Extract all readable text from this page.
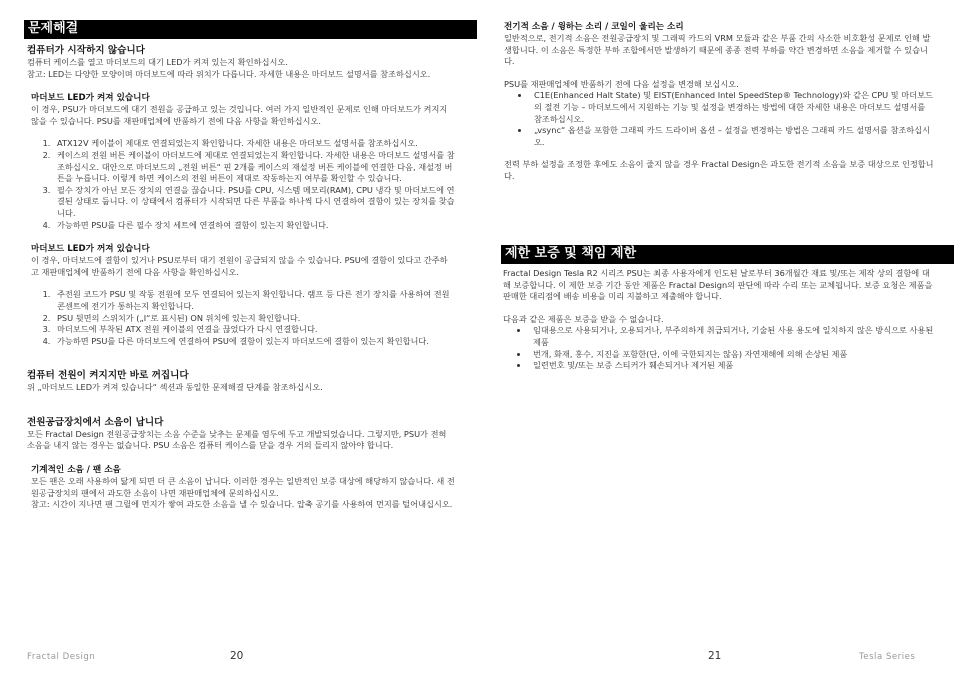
문제해결
컴퓨터가 시작하지 않습니다

컴퓨터 케이스를 열고 마더보드의 대기 LED가 켜져 있는지 확인하십시오.

참고: LED는 다양한 모양이며 마더보드에 따라 위치가 다릅니다. 자세한 내용은 마더보드 설명서를 참조하십시오.

마더보드 LED가 켜져 있습니다

이 경우, PSU가 마더보드에 대기 전원을 공급하고 있는 것입니다. 여러 가지 일반적인 문제로 인해 마더보드가 켜지지 않을 수 있습니다. PSU를 재판매업체에 반품하기 전에 다음 사항을 확인하십시오.

1. ATX12V 케이블이 제대로 연결되었는지 확인합니다. 자세한 내용은 마더보드 설명서를 참조하십시오.
2. 케이스의 전원 버튼 케이블이 마더보드에 제대로 연결되었는지 확인합니다. 자세한 내용은 마더보드 설명서를 참조하십시오. 대안으로 마더보드의 „전원 버튼“ 핀 2개를 케이스의 재설정 버튼 케이블에 연결한 다음, 재설정 버튼을 누릅니다. 이렇게 하면 케이스의 전원 버튼이 제대로 작동하는지 여부를 확인할 수 있습니다.
3. 필수 장치가 아닌 모든 장치의 연결을 끊습니다. PSU를 CPU, 시스템 메모리(RAM), CPU 냉각 및 마더보드에 연결된 상태로 둡니다. 이 상태에서 컴퓨터가 시작되면 다른 부품을 하나씩 다시 연결하여 결함이 있는 장치를 찾습니다.
4. 가능하면 PSU를 다른 필수 장치 세트에 연결하여 결함이 있는지 확인합니다.
마더보드 LED가 꺼져 있습니다

이 경우, 마더보드에 결함이 있거나 PSU로부터 대기 전원이 공급되지 않을 수 있습니다. PSU에 결함이 있다고 간주하고 재판매업체에 반품하기 전에 다음 사항을 확인하십시오.

1. 주전원 코드가 PSU 및 작동 전원에 모두 연결되어 있는지 확인합니다. 램프 등 다른 전기 장치를 사용하여 전원 콘센트에 전기가 통하는지 확인합니다.
2. PSU 뒷면의 스위치가 („I“로 표시된) ON 위치에 있는지 확인합니다.
3. 마더보드에 부착된 ATX 전원 케이블의 연결을 끊었다가 다시 연결합니다.
4. 가능하면 PSU를 다른 마더보드에 연결하여 PSU에 결함이 있는지 마더보드에 결함이 있는지 확인합니다.
컴퓨터 전원이 켜지지만 바로 꺼집니다

위 „마더보드 LED가 켜져 있습니다“ 섹션과 동일한 문제해결 단계를 참조하십시오.

전원공급장치에서 소음이 납니다

모든 Fractal Design 전원공급장치는 소음 수준을 낮추는 문제를 염두에 두고 개발되었습니다. 그렇지만, PSU가 전혀 소음을 내지 않는 경우는 없습니다. PSU 소음은 컴퓨터 케이스를 닫을 경우 거의 들리지 않아야 합니다.

기계적인 소음 / 팬 소음

모든 팬은 오래 사용하여 닳게 되면 더 큰 소음이 납니다. 이러한 경우는 일반적인 보증 대상에 해당하지 않습니다. 새 전원공급장치의 팬에서 과도한 소음이 나면 재판매업체에 문의하십시오.

참고: 시간이 지나면 팬 그릴에 먼지가 쌓여 과도한 소음을 낼 수 있습니다. 압축 공기를 사용하여 먼지를 털어내십시오.

Fractal Design	20
전기적 소음 / 윙하는 소리 / 코일이 울리는 소리

일반적으로, 전기적 소음은 전원공급장치 및 그래픽 카드의 VRM 모듈과 같은 부품 간의 사소한 비호환성 문제로 인해 발생합니다. 이 소음은 특정한 부하 조합에서만 발생하기 때문에 종종 전력 부하를 약간 변경하면 소음을 제거할 수 있습니다.

PSU를 재판매업체에 반품하기 전에 다음 설정을 변경해 보십시오.

• C1E(Enhanced Halt State) 및 EIST(Enhanced Intel SpeedStep® Technology)와 같은 CPU 및 마더보드의 절전 기능 – 마더보드에서 지원하는 기능 및 설정을 변경하는 방법에 대한 자세한 내용은 마더보드 설명서를 참조하십시오.
• „vsync“ 옵션을 포함한 그래픽 카드 드라이버 옵션 – 설정을 변경하는 방법은 그래픽 카드 설명서를 참조하십시오.

전력 부하 설정을 조정한 후에도 소음이 줄지 않을 경우 Fractal Design은 과도한 전기적 소음을 보증 대상으로 인정합니다.

제한 보증 및 책임 제한

Fractal Design Tesla R2 시리즈 PSU는 최종 사용자에게 인도된 날로부터 36개월간 재료 및/또는 제작 상의 결함에 대해 보증합니다. 이 제한 보증 기간 동안 제품은 Fractal Design의 판단에 따라 수리 또는 교체됩니다. 보증 요청은 제품을 판매한 대리점에 배송 비용을 미리 지불하고 제출해야 합니다.

다음과 같은 제품은 보증을 받을 수 없습니다.

• 임대용으로 사용되거나, 오용되거나, 부주의하게 취급되거나, 기술된 사용 용도에 일치하지 않은 방식으로 사용된 제품
• 번개, 화재, 홍수, 지진을 포함한(단, 이에 국한되지는 않음) 자연재해에 의해 손상된 제품
• 일련번호 및/또는 보증 스티커가 훼손되거나 제거된 제품
21	Tesla Series
